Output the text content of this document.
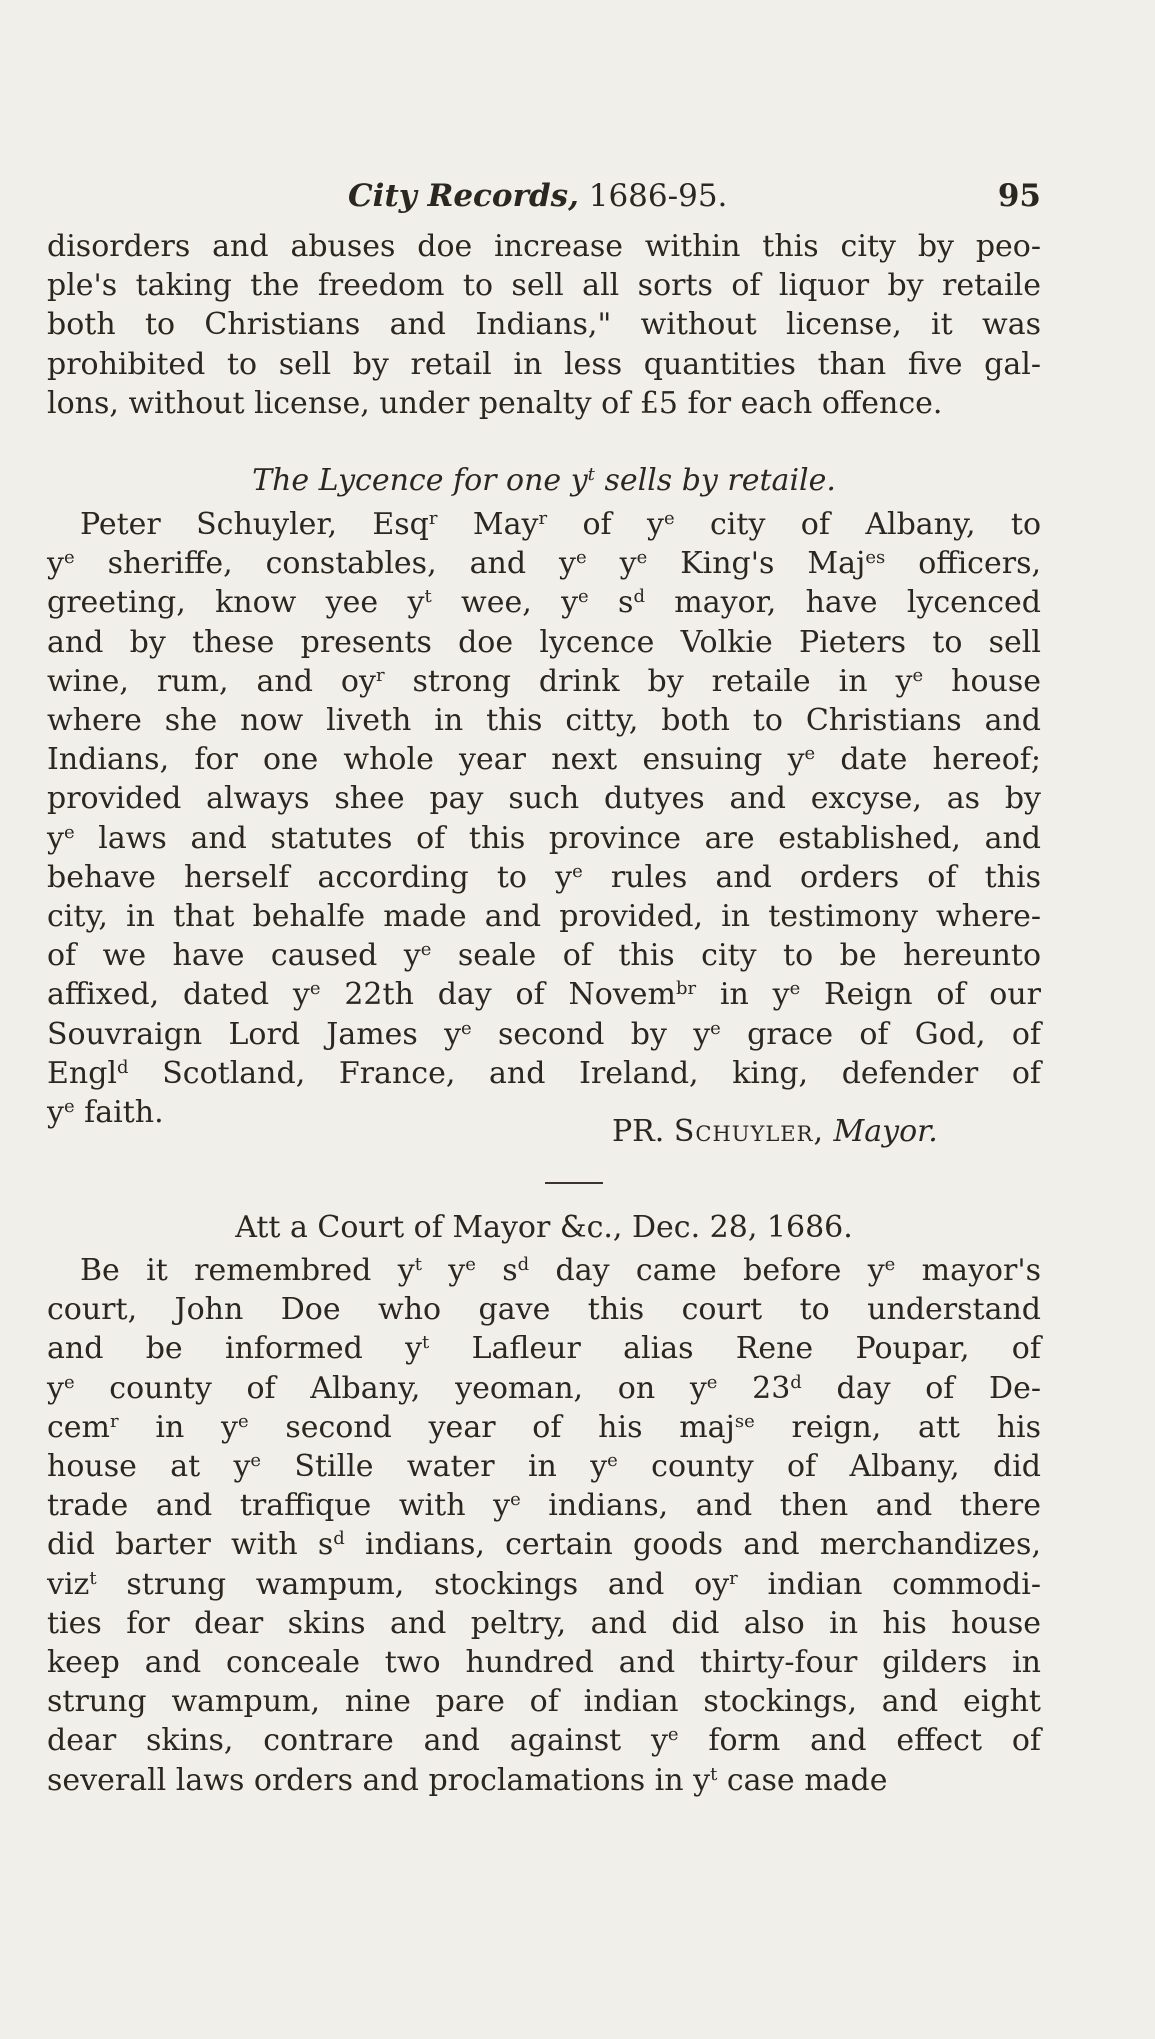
City Records, 1686-95.	95

disorders and abuses doe increase within this city by peo-
ple's taking the freedom to sell all sorts of liquor by retaile
both to Christians and Indians," without license, it was
prohibited to sell by retail in less quantities than five gal-
lons, without license, under penalty of £5 for each offence.

The Lycence for one $y^t$ sells by retaile.

Peter Schuyler, Esq$^r$ May$^r$ of $y^e$ city of Albany, to
$y^e$ sheriffe, constables, and $y^e$ $y^e$ King's Maj$^{es}$ officers,
greeting, know yee $y^t$ wee, $y^e$ $s^d$ mayor, have lycenced
and by these presents doe lycence Volkie Pieters to sell
wine, rum, and $oy^r$ strong drink by retaile in $y^e$ house
where she now liveth in this citty, both to Christians and
Indians, for one whole year next ensuing $y^e$ date hereof;
provided always shee pay such dutyes and excyse, as by
$y^e$ laws and statutes of this province are established, and
behave herself according to $y^e$ rules and orders of this
city, in that behalfe made and provided, in testimony where-
of we have caused $y^e$ seale of this city to be hereunto
affixed, dated $y^e$ 22th day of Novem$^{br}$ in $y^e$ Reign of our
Souvraign Lord James $y^e$ second by $y^e$ grace of God, of
Engl$^d$ Scotland, France, and Ireland, king, defender of
$y^e$ faith.

PR. Schuyler, Mayor.
Att a Court of Mayor &c., Dec. 28, 1686.

Be it remembred $y^t$ $y^e$ $s^d$ day came before $y^e$ mayor's
court, John Doe who gave this court to understand
and be informed $y^t$ Lafleur alias Rene Poupar, of
$y^e$ county of Albany, yeoman, on $y^e$ 23$^d$ day of De-
cem$^r$ in $y^e$ second year of his maj$^{se}$ reign, att his
house at $y^e$ Stille water in $y^e$ county of Albany, did
trade and traffique with $y^e$ indians, and then and there
did barter with $s^d$ indians, certain goods and merchandizes,
viz$^t$ strung wampum, stockings and $oy^r$ indian commodi-
ties for dear skins and peltry, and did also in his house
keep and conceale two hundred and thirty-four gilders in
strung wampum, nine pare of indian stockings, and eight
dear skins, contrare and against $y^e$ form and effect of
severall laws orders and proclamations in $y^t$ case made
